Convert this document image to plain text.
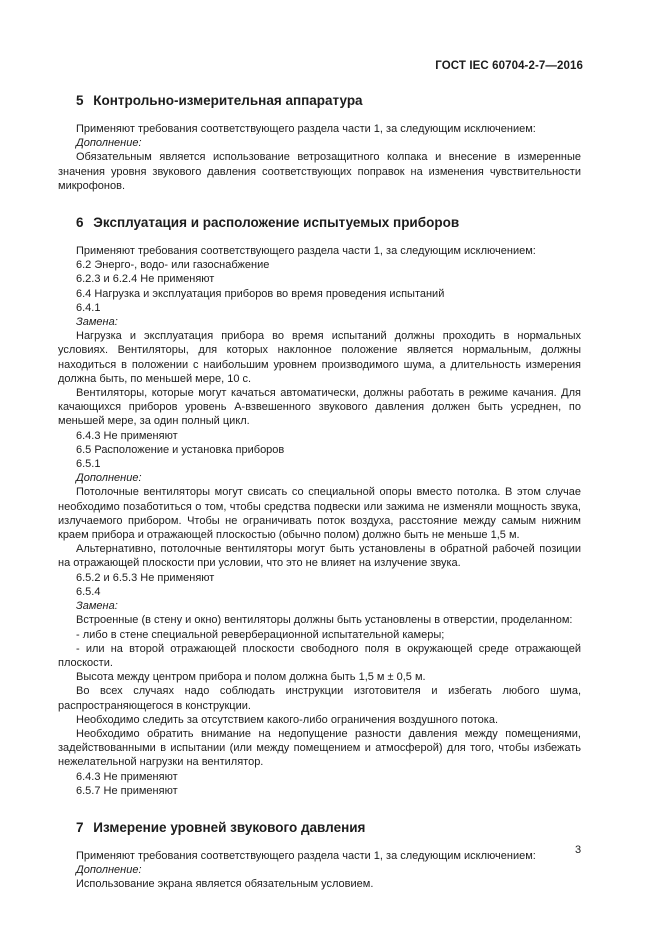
ГОСТ IEC 60704-2-7—2016
5 Контрольно-измерительная аппаратура

Применяют требования соответствующего раздела части 1, за следующим исключением:

Дополнение:

Обязательным является использование ветрозащитного колпака и внесение в измеренные значения уровня звукового давления соответствующих поправок на изменения чувствительности микрофонов.

6 Эксплуатация и расположение испытуемых приборов

Применяют требования соответствующего раздела части 1, за следующим исключением:

6.2 Энерго-, водо- или газоснабжение

6.2.3 и 6.2.4 Не применяют

6.4 Нагрузка и эксплуатация приборов во время проведения испытаний

6.4.1

Замена:

Нагрузка и эксплуатация прибора во время испытаний должны проходить в нормальных условиях. Вентиляторы, для которых наклонное положение является нормальным, должны находиться в положении с наибольшим уровнем производимого шума, а длительность измерения должна быть, по меньшей мере, 10 с.

Вентиляторы, которые могут качаться автоматически, должны работать в режиме качания. Для качающихся приборов уровень А-взвешенного звукового давления должен быть усреднен, по меньшей мере, за один полный цикл.

6.4.3 Не применяют

6.5 Расположение и установка приборов

6.5.1

Дополнение:

Потолочные вентиляторы могут свисать со специальной опоры вместо потолка. В этом случае необходимо позаботиться о том, чтобы средства подвески или зажима не изменяли мощность звука, излучаемого прибором. Чтобы не ограничивать поток воздуха, расстояние между самым нижним краем прибора и отражающей плоскостью (обычно полом) должно быть не меньше 1,5 м.

Альтернативно, потолочные вентиляторы могут быть установлены в обратной рабочей позиции на отражающей плоскости при условии, что это не влияет на излучение звука.

6.5.2 и 6.5.3 Не применяют

6.5.4

Замена:

Встроенные (в стену и окно) вентиляторы должны быть установлены в отверстии, проделанном:

- либо в стене специальной реверберационной испытательной камеры;

- или на второй отражающей плоскости свободного поля в окружающей среде отражающей плоскости.

Высота между центром прибора и полом должна быть 1,5 м ± 0,5 м.

Во всех случаях надо соблюдать инструкции изготовителя и избегать любого шума, распространяющегося в конструкции.

Необходимо следить за отсутствием какого-либо ограничения воздушного потока.

Необходимо обратить внимание на недопущение разности давления между помещениями, задействованными в испытании (или между помещением и атмосферой) для того, чтобы избежать нежелательной нагрузки на вентилятор.

6.4.3 Не применяют

6.5.7 Не применяют

7 Измерение уровней звукового давления

Применяют требования соответствующего раздела части 1, за следующим исключением:

Дополнение:

Использование экрана является обязательным условием.

3
